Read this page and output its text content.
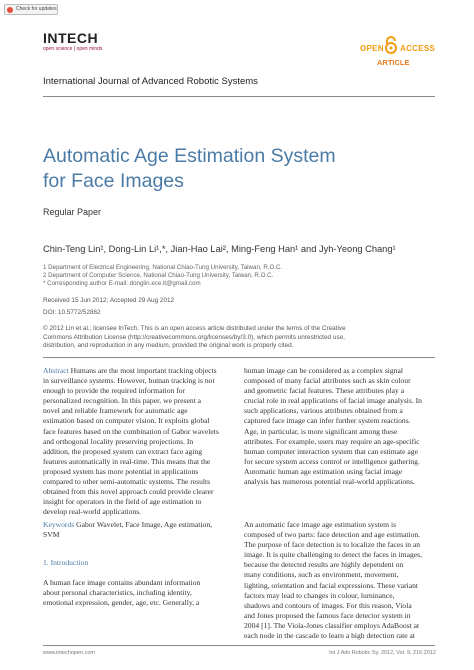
Check for updates
INTECH
open science | open minds	OPEN ACCESS
ARTICLE
International Journal of Advanced Robotic Systems
Automatic Age Estimation System
for Face Images
Regular Paper
Chin-Teng Lin¹, Dong-Lin Li¹,*, Jian-Hao Lai², Ming-Feng Han¹ and Jyh-Yeong Chang¹
1 Department of Electrical Engineering, National Chiao-Tung University, Taiwan, R.O.C.
2 Department of Computer Science, National Chiao-Tung University, Taiwan, R.O.C.
* Corresponding author E-mail: donglin.ece.lt@gmail.com
Received 15 Jun 2012; Accepted 29 Aug 2012
DOI: 10.5772/52862
© 2012 Lin et al.; licensee InTech. This is an open access article distributed under the terms of the Creative
Commons Attribution License (http://creativecommons.org/licenses/by/3.0), which permits unrestricted use,
distribution, and reproduction in any medium, provided the original work is properly cited.
Abstract Humans are the most important tracking objects
in surveillance systems. However, human tracking is not
enough to provide the required information for
personalized recognition. In this paper, we present a
novel and reliable framework for automatic age
estimation based on computer vision. It exploits global
face features based on the combination of Gabor wavelets
and orthogonal locality preserving projections. In
addition, the proposed system can extract face aging
features automatically in real-time. This means that the
proposed system has more potential in applications
compared to other semi-automatic systems. The results
obtained from this novel approach could provide clearer
insight for operators in the field of age estimation to
develop real-world applications.
Keywords Gabor Wavelet, Face Image, Age estimation,
SVM
1. Introduction
A human face image contains abundant information
about personal characteristics, including identity,
emotional expression, gender, age, etc. Generally, a
human image can be considered as a complex signal
composed of many facial attributes such as skin colour
and geometric facial features. These attributes play a
crucial role in real applications of facial image analysis. In
such applications, various attributes obtained from a
captured face image can infer further system reactions.
Age, in particular, is more significant among these
attributes. For example, users may require an age-specific
human computer interaction system that can estimate age
for secure system access control or intelligence gathering.
Automatic human age estimation using facial image
analysis has numerous potential real-world applications.
An automatic face image age estimation system is
composed of two parts: face detection and age estimation.
The purpose of face detection is to localize the faces in an
image. It is quite challenging to detect the faces in images,
because the detected results are highly dependent on
many conditions, such as environment, movement,
lighting, orientation and facial expressions. These variant
factors may lead to changes in colour, luminance,
shadows and contours of images. For this reason, Viola
and Jones proposed the famous face detector system in
2004 [1]. The Viola-Jones classifier employs AdaBoost at
each node in the cascade to learn a high detection rate at
www.intechopen.com	Int J Adv Robotic Sy, 2012, Vol. 9, 216:2012
